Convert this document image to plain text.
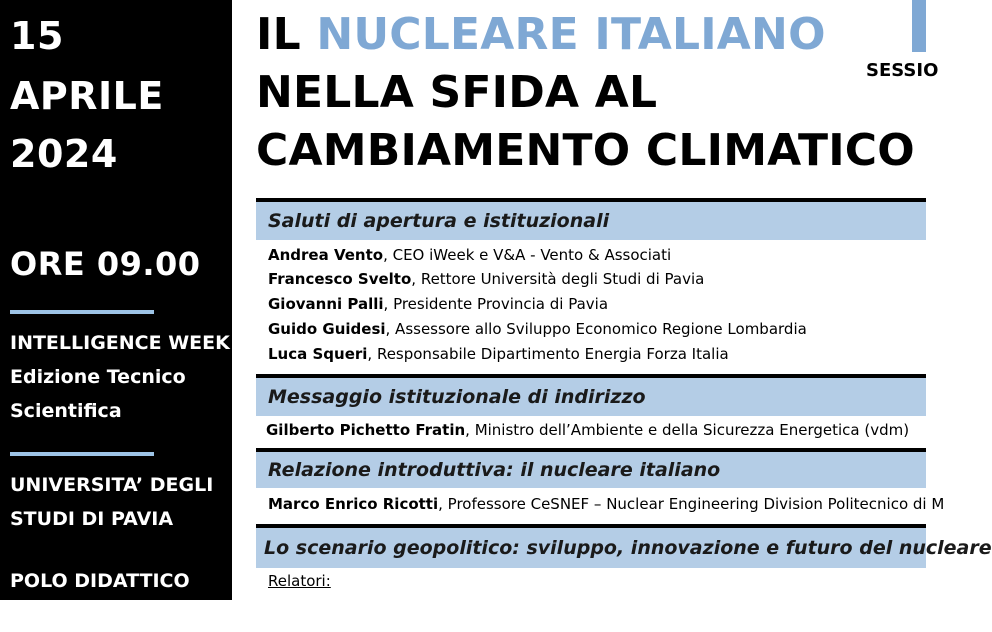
15
APRILE
2024
ORE 09.00
INTELLIGENCE WEEK
Edizione Tecnico
Scientifica
UNIVERSITA’ DEGLI
STUDI DI PAVIA
POLO DIDATTICO DEL
IL NUCLEARE ITALIANO
NELLA SFIDA AL
CAMBIAMENTO CLIMATICO
SESSIO
Saluti di apertura e istituzionali
Andrea Vento, CEO iWeek e V&A - Vento & Associati
Francesco Svelto, Rettore Università degli Studi di Pavia
Giovanni Palli, Presidente Provincia di Pavia
Guido Guidesi, Assessore allo Sviluppo Economico Regione Lombardia
Luca Squeri, Responsabile Dipartimento Energia Forza Italia
Messaggio istituzionale di indirizzo
Gilberto Pichetto Fratin, Ministro dell’Ambiente e della Sicurezza Energetica (vdm)
Relazione introduttiva: il nucleare italiano
Marco Enrico Ricotti, Professore CeSNEF – Nuclear Engineering Division Politecnico di M
Lo scenario geopolitico: sviluppo, innovazione e futuro del nucleare
Relatori:
